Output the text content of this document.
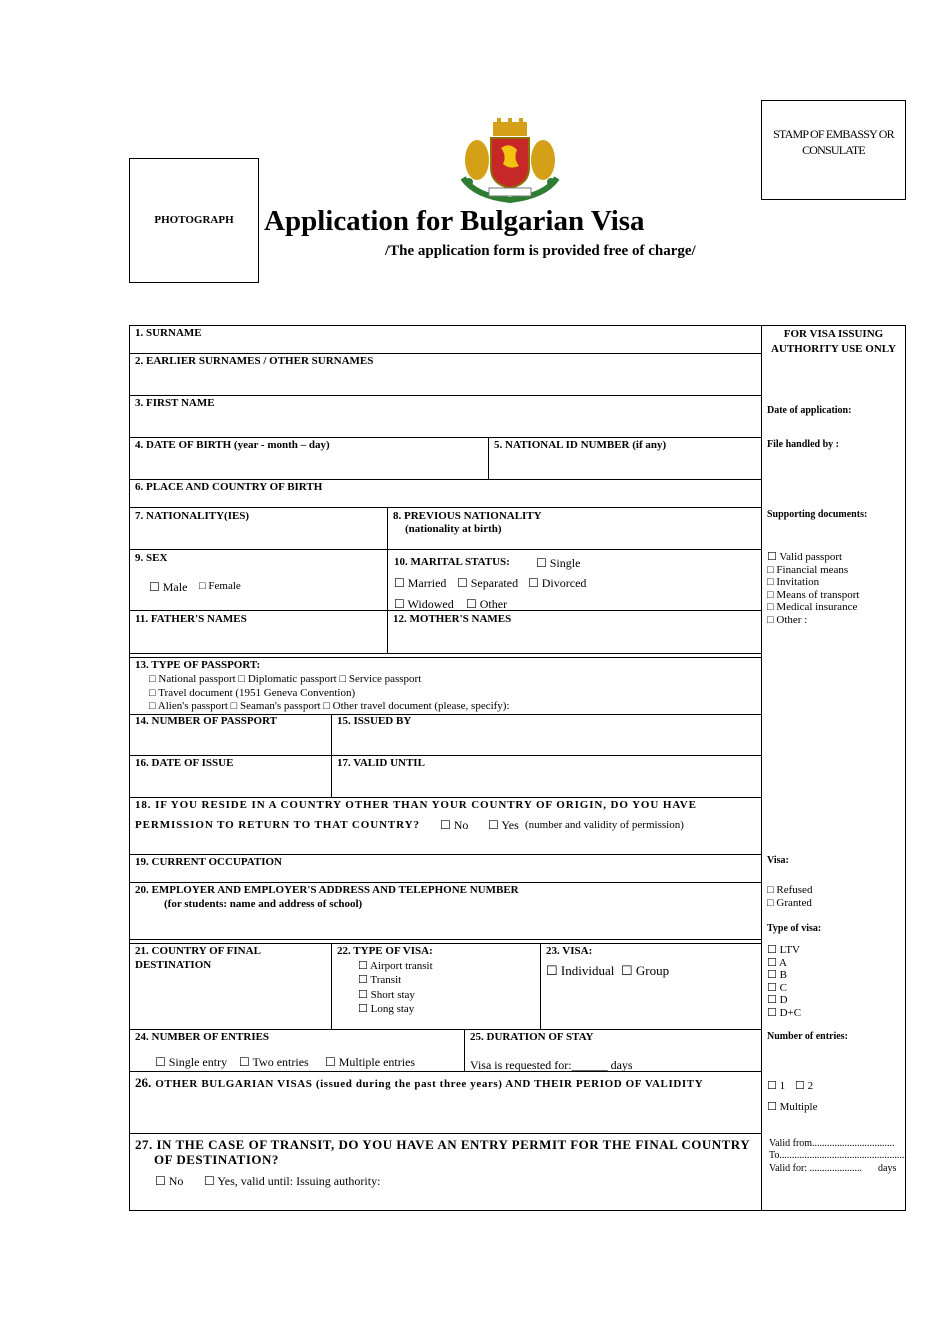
PHOTOGRAPH
STAMP OF EMBASSY OR CONSULATE
Application for Bulgarian Visa
/The application form is provided free of charge/
1. SURNAME
2. EARLIER SURNAMES / OTHER SURNAMES
3. FIRST NAME
4. DATE OF BIRTH (year - month – day)	5. NATIONAL ID NUMBER (if any)
6. PLACE AND COUNTRY OF BIRTH
7. NATIONALITY(IES)	8. PREVIOUS NATIONALITY
(nationality at birth)
9. SEX
☐ Male □ Female
10. MARITAL STATUS: ☐ Single
☐ Married ☐ Separated ☐ Divorced
☐ Widowed ☐ Other
11. FATHER'S NAMES	12. MOTHER'S NAMES
13. TYPE OF PASSPORT:
□ National passport □ Diplomatic passport □ Service passport
□ Travel document (1951 Geneva Convention)
□ Alien's passport □ Seaman's passport □ Other travel document (please, specify):
14. NUMBER OF PASSPORT	15. ISSUED BY
16. DATE OF ISSUE	17. VALID UNTIL
18. IF YOU RESIDE IN A COUNTRY OTHER THAN YOUR COUNTRY OF ORIGIN, DO YOU HAVE
PERMISSION TO RETURN TO THAT COUNTRY? ☐ No ☐ Yes (number and validity of permission)
19. CURRENT OCCUPATION
20. EMPLOYER AND EMPLOYER'S ADDRESS AND TELEPHONE NUMBER
(for students: name and address of school)
21. COUNTRY OF FINAL
DESTINATION
22. TYPE OF VISA:
☐ Airport transit
☐ Transit
☐ Short stay
☐ Long stay
23. VISA:
☐ Individual ☐ Group
24. NUMBER OF ENTRIES
☐ Single entry ☐ Two entries ☐ Multiple entries
25. DURATION OF STAY
Visa is requested for:______ days
26. OTHER BULGARIAN VISAS (issued during the past three years) AND THEIR PERIOD OF VALIDITY
27. IN THE CASE OF TRANSIT, DO YOU HAVE AN ENTRY PERMIT FOR THE FINAL COUNTRY
OF DESTINATION?
☐ No ☐ Yes, valid until: Issuing authority:
FOR VISA ISSUING
AUTHORITY USE ONLY
Date of application:
File handled by :
Supporting documents:
☐ Valid passport
□ Financial means
□ Invitation
□ Means of transport
□ Medical insurance
□ Other :
Visa:
□ Refused
□ Granted
Type of visa:
☐ LTV
☐ A
☐ B
☐ C
☐ D
☐ D+C
Number of entries:
☐ 1 ☐ 2
☐ Multiple
Valid from.................................
To...................................................
Valid for: ..................... days
